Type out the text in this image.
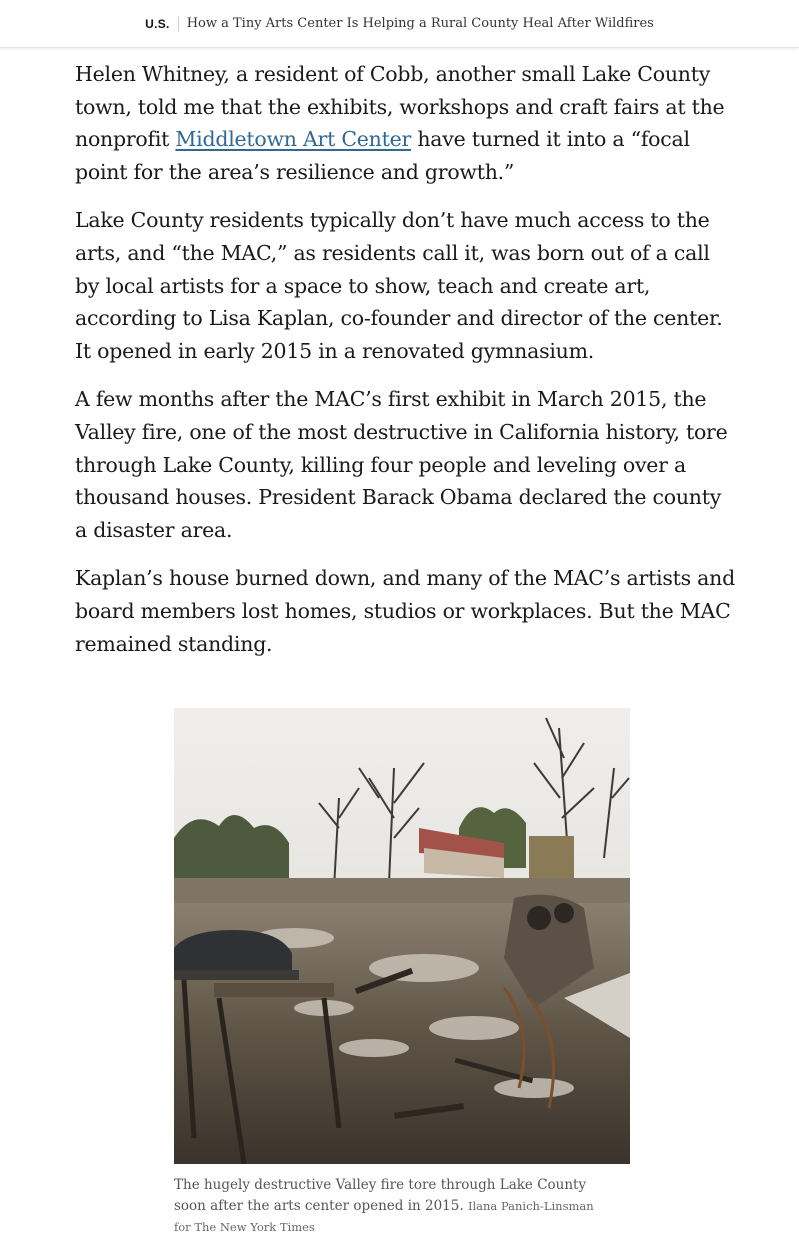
U.S. How a Tiny Arts Center Is Helping a Rural County Heal After Wildfires

Helen Whitney, a resident of Cobb, another small Lake County town, told me that the exhibits, workshops and craft fairs at the nonprofit Middletown Art Center have turned it into a “focal point for the area’s resilience and growth.”

Lake County residents typically don’t have much access to the arts, and “the MAC,” as residents call it, was born out of a call by local artists for a space to show, teach and create art, according to Lisa Kaplan, co-founder and director of the center. It opened in early 2015 in a renovated gymnasium.

A few months after the MAC’s first exhibit in March 2015, the Valley fire, one of the most destructive in California history, tore through Lake County, killing four people and leveling over a thousand houses. President Barack Obama declared the county a disaster area.

Kaplan’s house burned down, and many of the MAC’s artists and board members lost homes, studios or workplaces. But the MAC remained standing.

The hugely destructive Valley fire tore through Lake County soon after the arts center opened in 2015. Ilana Panich-Linsman for The New York Times
